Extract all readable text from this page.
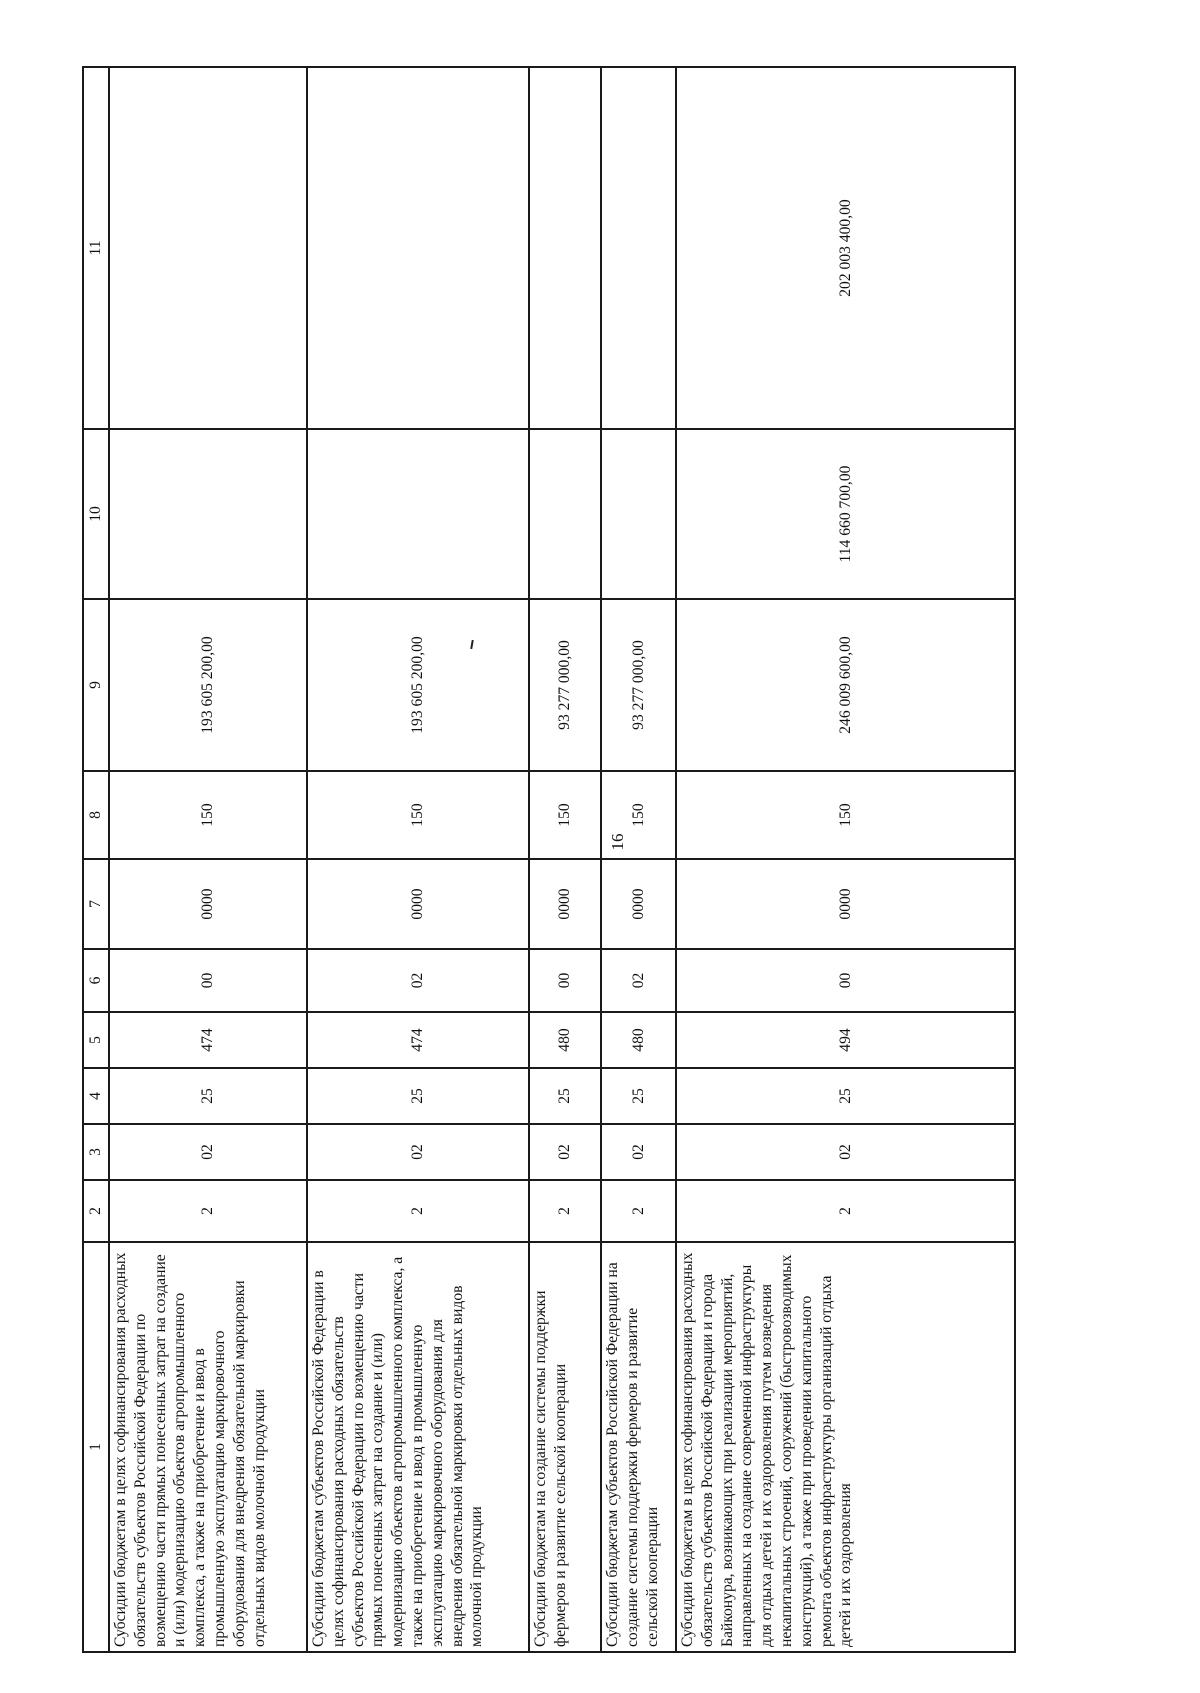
16
1	2	3	4	5	6	7	8	9	10	11
Субсидии бюджетам в целях софинансирования расходных обязательств субъектов Российской Федерации по возмещению части прямых понесенных затрат на создание и (или) модернизацию объектов агропромышленного комплекса, а также на приобретение и ввод в промышленную эксплуатацию маркировочного оборудования для внедрения обязательной маркировки отдельных видов молочной продукции	2	02	25	474	00	0000	150	193 605 200,00		
Субсидии бюджетам субъектов Российской Федерации в целях софинансирования расходных обязательств субъектов Российской Федерации по возмещению части прямых понесенных затрат на создание и (или) модернизацию объектов агропромышленного комплекса, а также на приобретение и ввод в промышленную эксплуатацию маркировочного оборудования для внедрения обязательной маркировки отдельных видов молочной продукции	2	02	25	474	02	0000	150	193 605 200,00		
Субсидии бюджетам на создание системы поддержки фермеров и развитие сельской кооперации	2	02	25	480	00	0000	150	93 277 000,00		
Субсидии бюджетам субъектов Российской Федерации на создание системы поддержки фермеров и развитие сельской кооперации	2	02	25	480	02	0000	150	93 277 000,00		
Субсидии бюджетам в целях софинансирования расходных обязательств субъектов Российской Федерации и города Байконура, возникающих при реализации мероприятий, направленных на создание современной инфраструктуры для отдыха детей и их оздоровления путем возведения некапитальных строений, сооружений (быстровозводимых конструкций), а также при проведении капитального ремонта объектов инфраструктуры организаций отдыха детей и их оздоровления	2	02	25	494	00	0000	150	246 009 600,00	114 660 700,00	202 003 400,00
